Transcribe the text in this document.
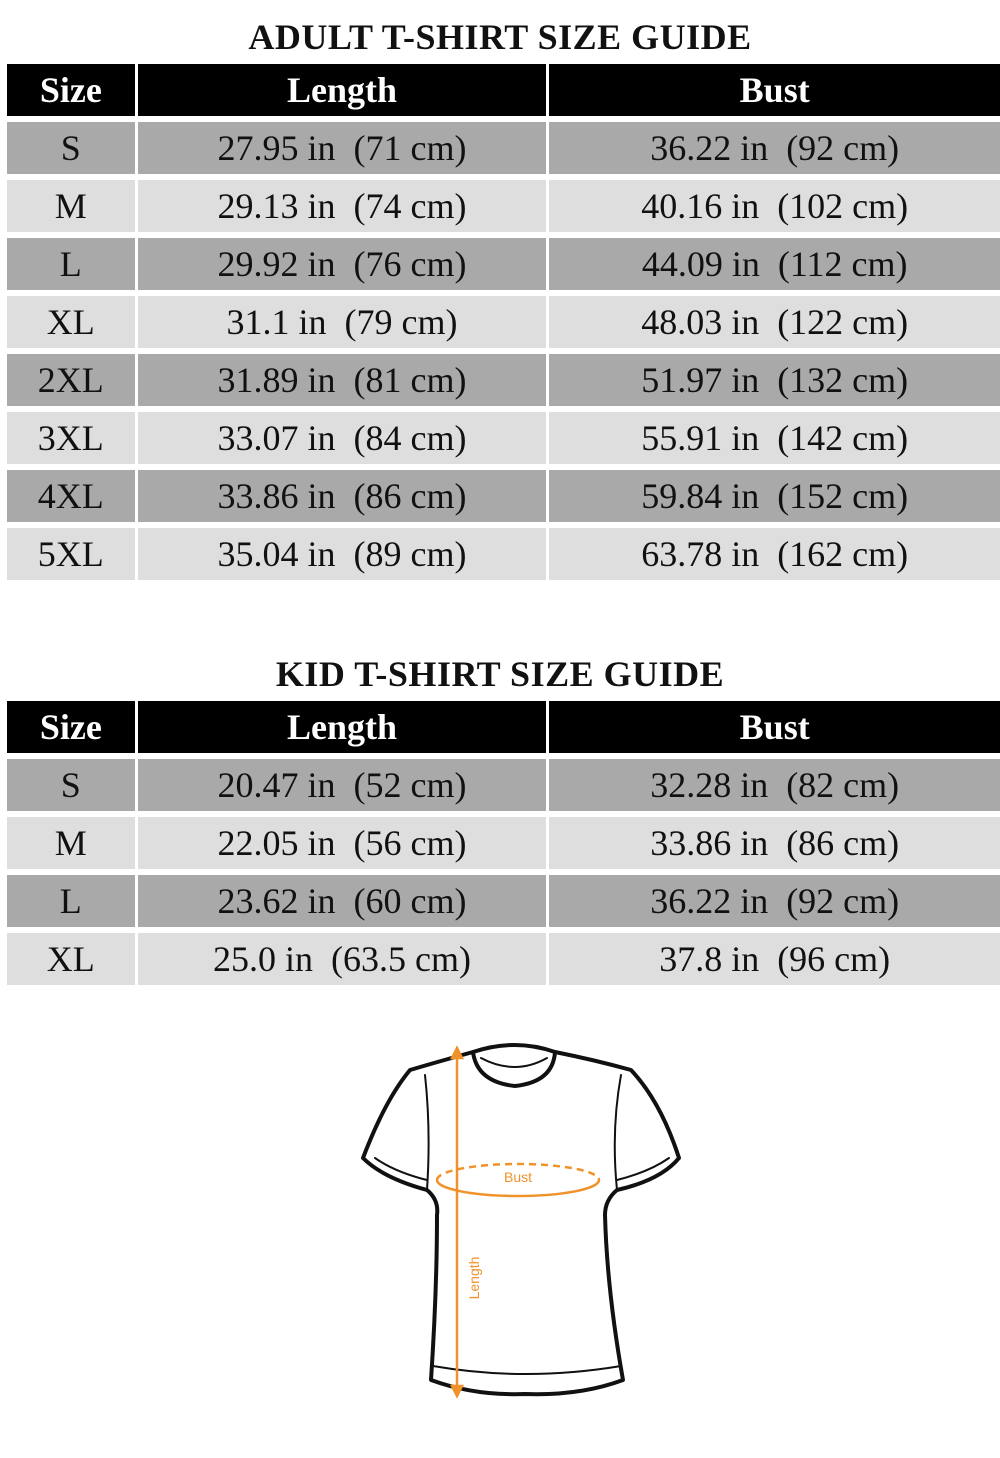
ADULT T-SHIRT SIZE GUIDE
Size	Length	Bust
S	27.95 in  (71 cm)	36.22 in  (92 cm)
M	29.13 in  (74 cm)	40.16 in  (102 cm)
L	29.92 in  (76 cm)	44.09 in  (112 cm)
XL	31.1 in  (79 cm)	48.03 in  (122 cm)
2XL	31.89 in  (81 cm)	51.97 in  (132 cm)
3XL	33.07 in  (84 cm)	55.91 in  (142 cm)
4XL	33.86 in  (86 cm)	59.84 in  (152 cm)
5XL	35.04 in  (89 cm)	63.78 in  (162 cm)
KID T-SHIRT SIZE GUIDE
Size	Length	Bust
S	20.47 in  (52 cm)	32.28 in  (82 cm)
M	22.05 in  (56 cm)	33.86 in  (86 cm)
L	23.62 in  (60 cm)	36.22 in  (92 cm)
XL	25.0 in  (63.5 cm)	37.8 in  (96 cm)
Bust
Length
